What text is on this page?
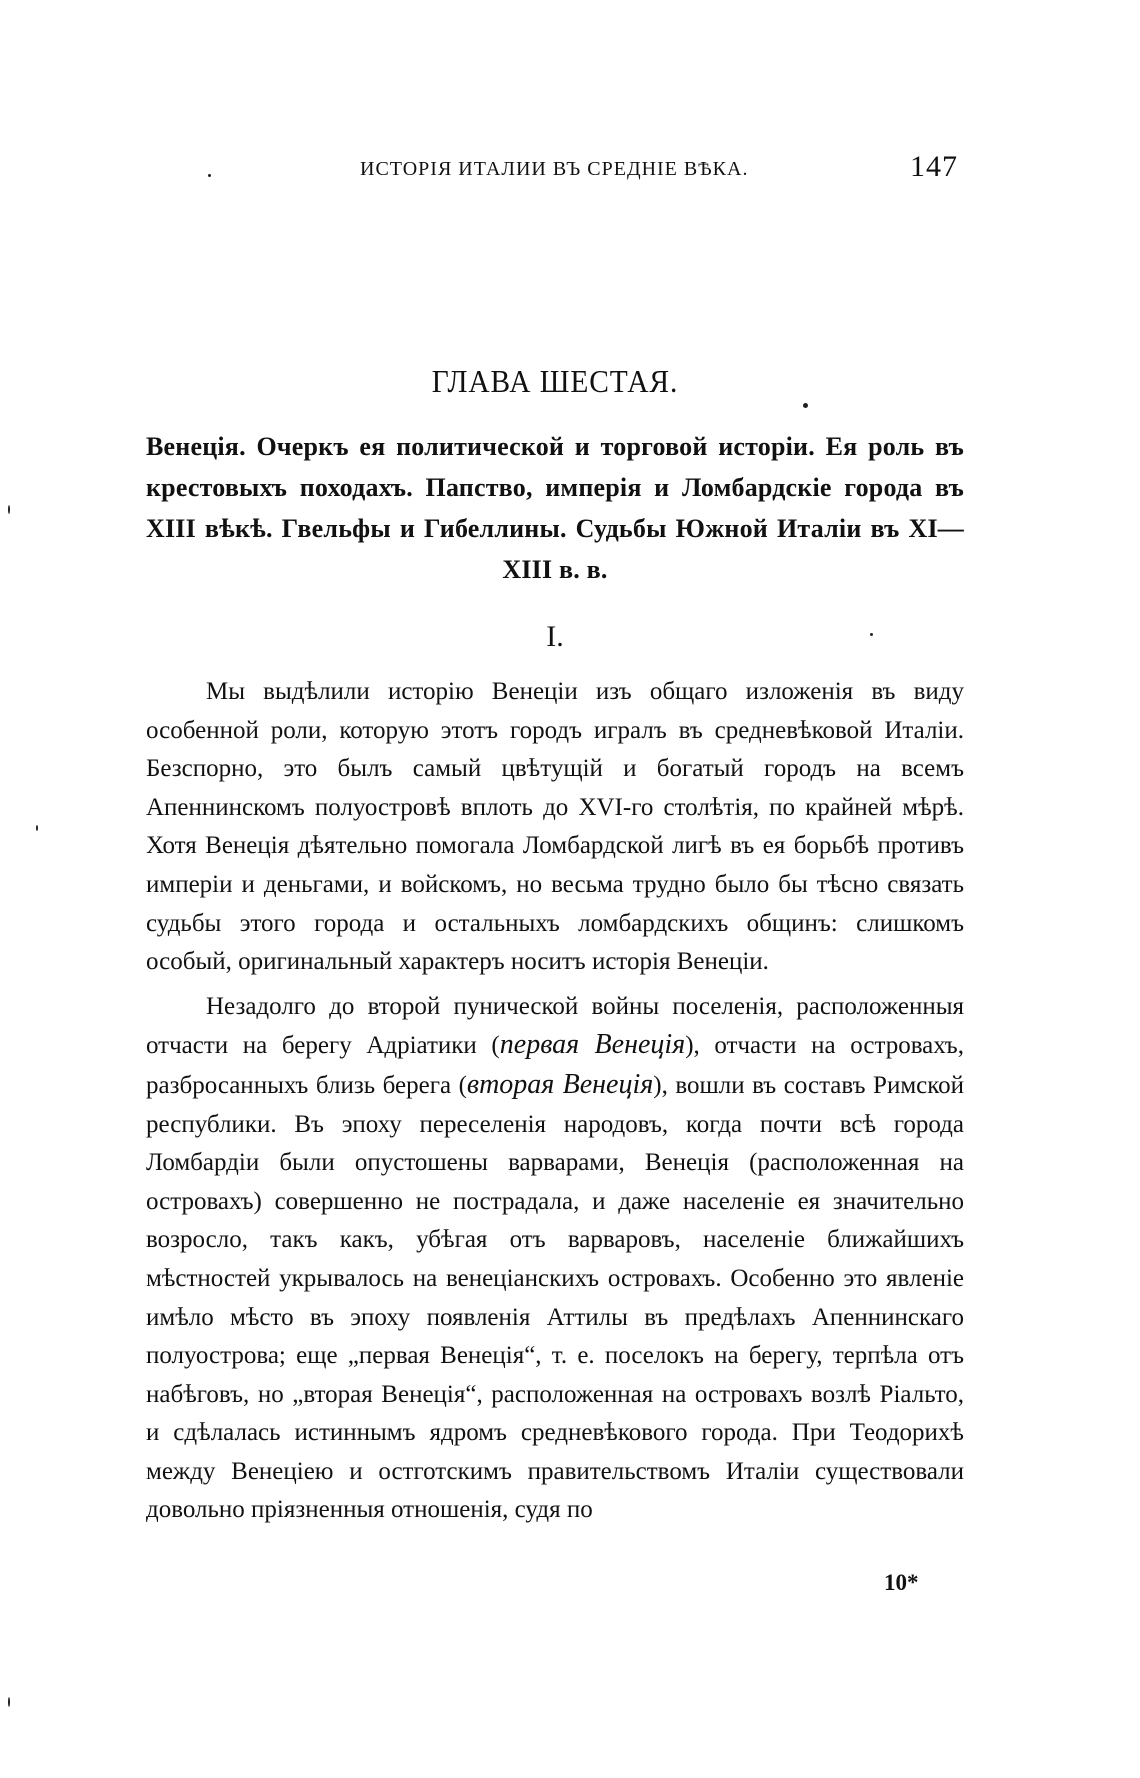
ИСТОРІЯ ИТАЛИИ ВЪ СРЕДНІЕ ВѢКА.	147
ГЛАВА ШЕСТАЯ.
Венеція. Очеркъ ея политической и торговой исторіи. Ея роль въ крестовыхъ походахъ. Папство, имперія и Ломбардскіе города въ XIII вѣкѣ. Гвельфы и Гибеллины. Судьбы Южной Италіи въ XI—XIII в. в.
I.

Мы выдѣлили исторію Венеціи изъ общаго изложенія въ виду особенной роли, которую этотъ городъ игралъ въ средневѣковой Италіи. Безспорно, это былъ самый цвѣтущій и богатый городъ на всемъ Апеннинскомъ полуостровѣ вплоть до XVI-го столѣтія, по крайней мѣрѣ. Хотя Венеція дѣятельно помогала Ломбардской лигѣ въ ея борьбѣ противъ имперіи и деньгами, и войскомъ, но весьма трудно было бы тѣсно связать судьбы этого города и остальныхъ ломбардскихъ общинъ: слишкомъ особый, оригинальный характеръ носитъ исторія Венеціи.

Незадолго до второй пунической войны поселенія, расположенныя отчасти на берегу Адріатики (первая Венеція), отчасти на островахъ, разбросанныхъ близь берега (вторая Венеція), вошли въ составъ Римской республики. Въ эпоху переселенія народовъ, когда почти всѣ города Ломбардіи были опустошены варварами, Венеція (расположенная на островахъ) совершенно не пострадала, и даже населеніе ея значительно возросло, такъ какъ, убѣгая отъ варваровъ, населеніе ближайшихъ мѣстностей укрывалось на венеціанскихъ островахъ. Особенно это явленіе имѣло мѣсто въ эпоху появленія Аттилы въ предѣлахъ Апеннинскаго полуострова; еще „первая Венеція“, т. е. поселокъ на берегу, терпѣла отъ набѣговъ, но „вторая Венеція“, расположенная на островахъ возлѣ Ріальто, и сдѣлалась истиннымъ ядромъ средневѣкового города. При Теодорихѣ между Венеціею и остготскимъ правительствомъ Италіи существовали довольно пріязненныя отношенія, судя по

10*
